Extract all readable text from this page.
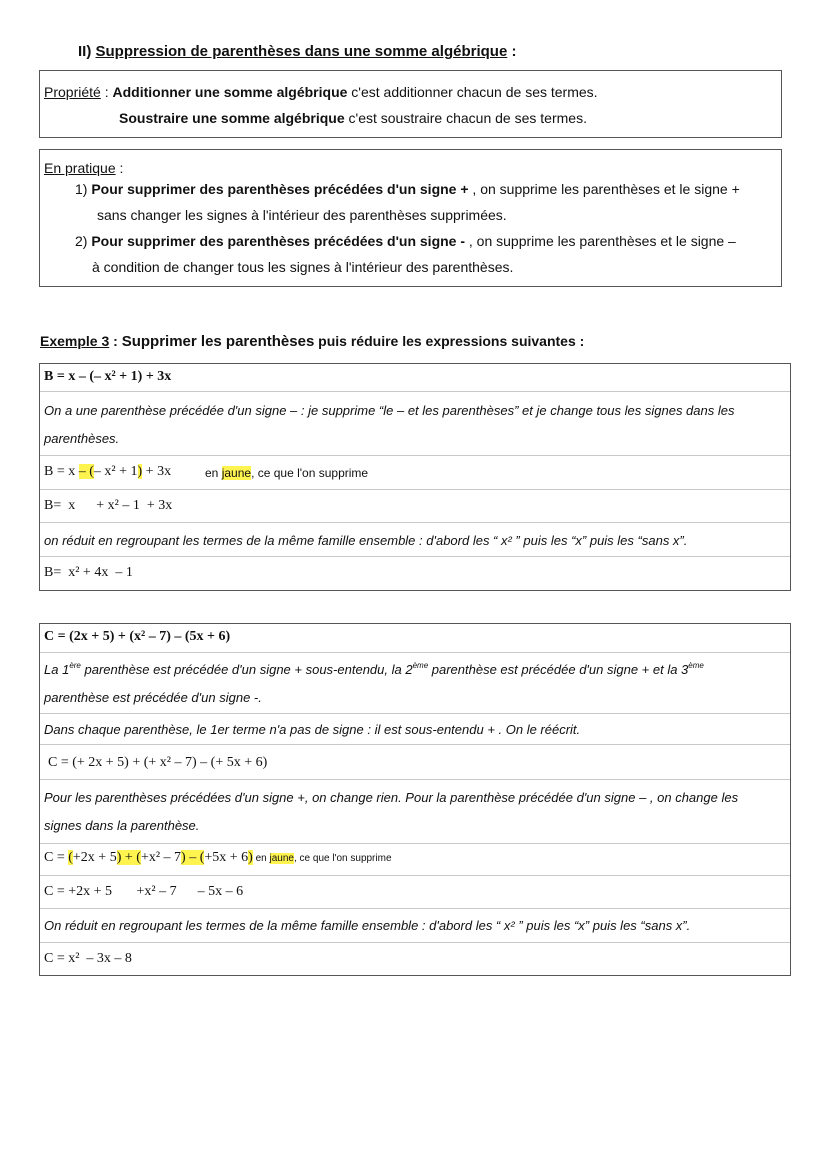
II) Suppression de parenthèses dans une somme algébrique :
Propriété : Additionner une somme algébrique c'est additionner chacun de ses termes.
Soustraire une somme algébrique c'est soustraire chacun de ses termes.
En pratique :
1) Pour supprimer des parenthèses précédées d'un signe + , on supprime les parenthèses et le signe +
sans changer les signes à l'intérieur des parenthèses supprimées.
2) Pour supprimer des parenthèses précédées d'un signe - , on supprime les parenthèses et le signe –
à condition de changer tous les signes à l'intérieur des parenthèses.
Exemple 3 : Supprimer les parenthèses puis réduire les expressions suivantes :
B = x – (– x² + 1) + 3x
On a une parenthèse précédée d'un signe – : je supprime “le – et les parenthèses” et je change tous les signes dans les
parenthèses.
B = x – (– x² + 1) + 3x	en jaune, ce que l'on supprime
B=  x      + x² – 1  + 3x
on réduit en regroupant les termes de la même famille ensemble : d'abord les “ x² ” puis les “x” puis les “sans x”.
B=  x² + 4x  – 1
C = (2x + 5) + (x² – 7) – (5x + 6)
La 1ère parenthèse est précédée d'un signe + sous-entendu, la 2ème parenthèse est précédée d'un signe + et la 3ème
parenthèse est précédée d'un signe -.
Dans chaque parenthèse, le 1er terme n'a pas de signe : il est sous-entendu + . On le réécrit.
C = (+ 2x + 5) + (+ x² – 7) – (+ 5x + 6)
Pour les parenthèses précédées d'un signe +, on change rien. Pour la parenthèse précédée d'un signe – , on change les
signes dans la parenthèse.
C = (+2x + 5) + (+x² – 7) – (+5x + 6) en jaune, ce que l'on supprime
C = +2x + 5       +x² – 7      – 5x – 6
On réduit en regroupant les termes de la même famille ensemble : d'abord les “ x² ” puis les “x” puis les “sans x”.
C = x²  – 3x – 8
